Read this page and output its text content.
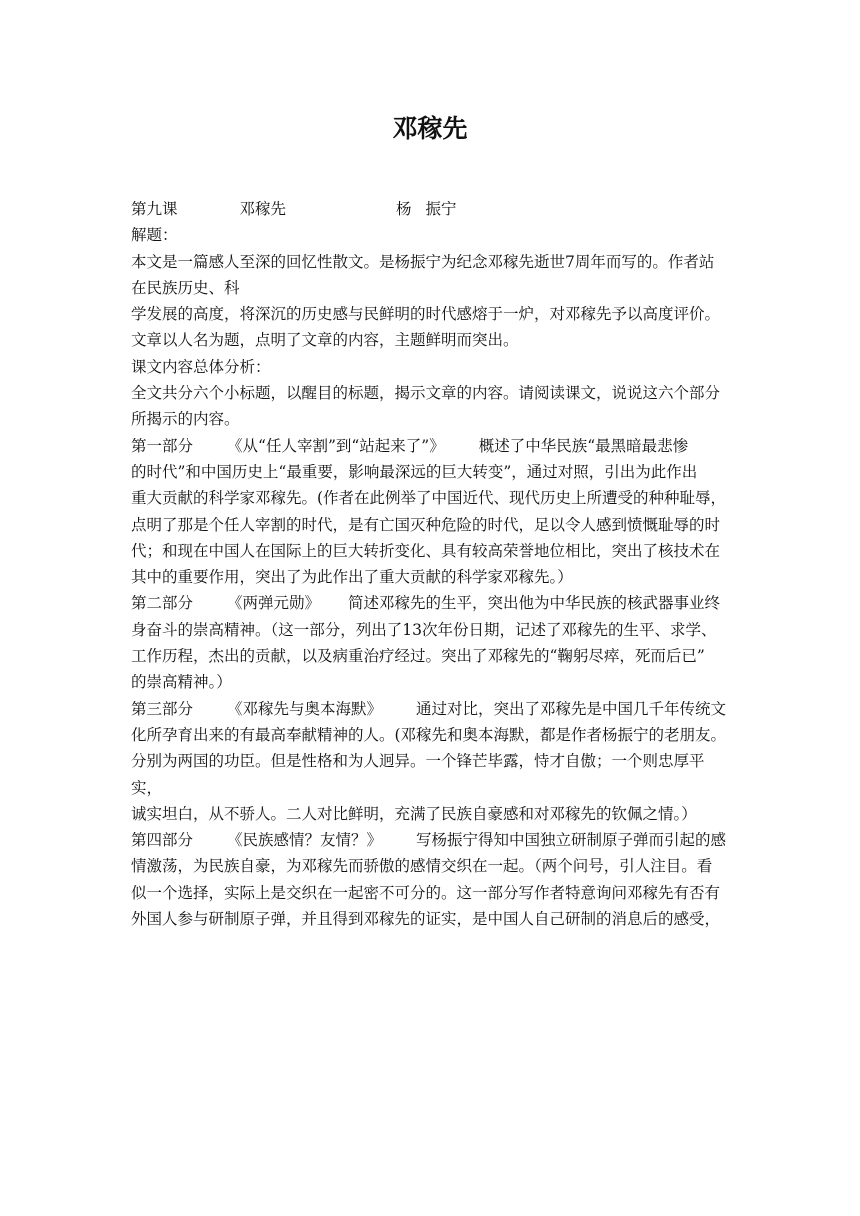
邓稼先

第九课	邓稼先	杨 振宁

解题：

本文是一篇感人至深的回忆性散文。是杨振宁为纪念邓稼先逝世7周年而写的。作者站

在民族历史、科

学发展的高度，将深沉的历史感与民鲜明的时代感熔于一炉，对邓稼先予以高度评价。

文章以人名为题，点明了文章的内容，主题鲜明而突出。

课文内容总体分析：

全文共分六个小标题，以醒目的标题，揭示文章的内容。请阅读课文，说说这六个部分

所揭示的内容。

第一部分 《从“任人宰割”到“站起来了”》 概述了中华民族“最黑暗最悲惨

的时代”和中国历史上“最重要，影响最深远的巨大转变”，通过对照，引出为此作出

重大贡献的科学家邓稼先。(作者在此例举了中国近代、现代历史上所遭受的种种耻辱，

点明了那是个任人宰割的时代，是有亡国灭种危险的时代，足以令人感到愤慨耻辱的时

代；和现在中国人在国际上的巨大转折变化、具有较高荣誉地位相比，突出了核技术在

其中的重要作用，突出了为此作出了重大贡献的科学家邓稼先。）

第二部分 《两弹元勋》 简述邓稼先的生平，突出他为中华民族的核武器事业终

身奋斗的崇高精神。（这一部分，列出了13次年份日期，记述了邓稼先的生平、求学、

工作历程，杰出的贡献，以及病重治疗经过。突出了邓稼先的“鞠躬尽瘁，死而后已”

的崇高精神。）

第三部分 《邓稼先与奥本海默》 通过对比，突出了邓稼先是中国几千年传统文

化所孕育出来的有最高奉献精神的人。(邓稼先和奥本海默，都是作者杨振宁的老朋友。

分别为两国的功臣。但是性格和为人迥异。一个锋芒毕露，恃才自傲；一个则忠厚平实，

诚实坦白，从不骄人。二人对比鲜明，充满了民族自豪感和对邓稼先的钦佩之情。）

第四部分 《民族感情？友情？》 写杨振宁得知中国独立研制原子弹而引起的感

情激荡，为民族自豪，为邓稼先而骄傲的感情交织在一起。（两个问号，引人注目。看

似一个选择，实际上是交织在一起密不可分的。这一部分写作者特意询问邓稼先有否有

外国人参与研制原子弹，并且得到邓稼先的证实，是中国人自己研制的消息后的感受，
